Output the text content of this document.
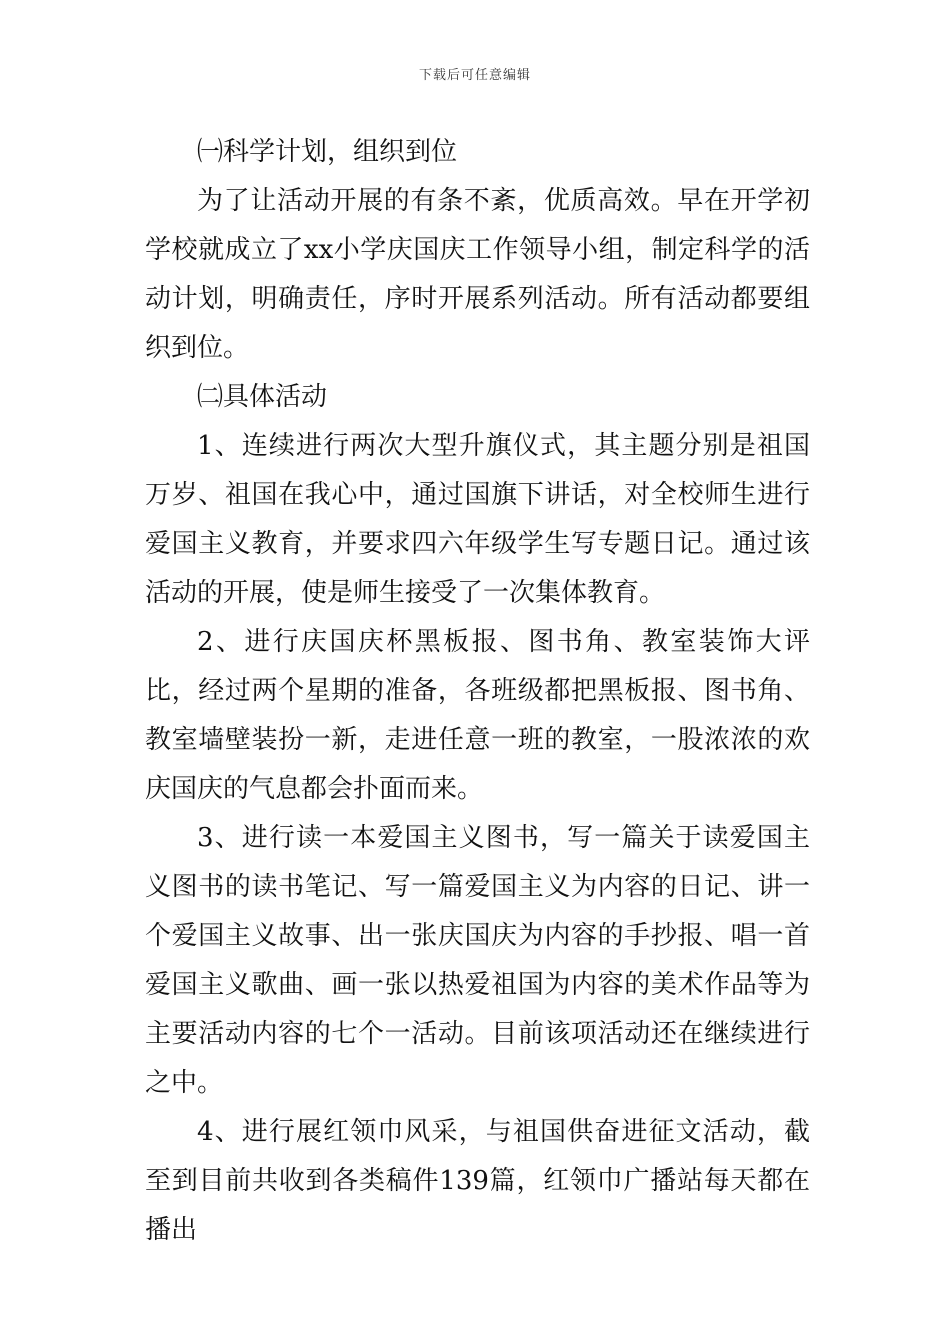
下载后可任意编辑

㈠科学计划，组织到位

为了让活动开展的有条不紊，优质高效。早在开学初学校就成立了xx小学庆国庆工作领导小组，制定科学的活动计划，明确责任，序时开展系列活动。所有活动都要组织到位。

㈡具体活动

1、连续进行两次大型升旗仪式，其主题分别是祖国万岁、祖国在我心中，通过国旗下讲话，对全校师生进行爱国主义教育，并要求四六年级学生写专题日记。通过该活动的开展，使是师生接受了一次集体教育。

2、进行庆国庆杯黑板报、图书角、教室装饰大评比，经过两个星期的准备，各班级都把黑板报、图书角、教室墙壁装扮一新，走进任意一班的教室，一股浓浓的欢庆国庆的气息都会扑面而来。

3、进行读一本爱国主义图书，写一篇关于读爱国主义图书的读书笔记、写一篇爱国主义为内容的日记、讲一个爱国主义故事、出一张庆国庆为内容的手抄报、唱一首爱国主义歌曲、画一张以热爱祖国为内容的美术作品等为主要活动内容的七个一活动。目前该项活动还在继续进行之中。

4、进行展红领巾风采，与祖国供奋进征文活动，截至到目前共收到各类稿件139篇，红领巾广播站每天都在播出
